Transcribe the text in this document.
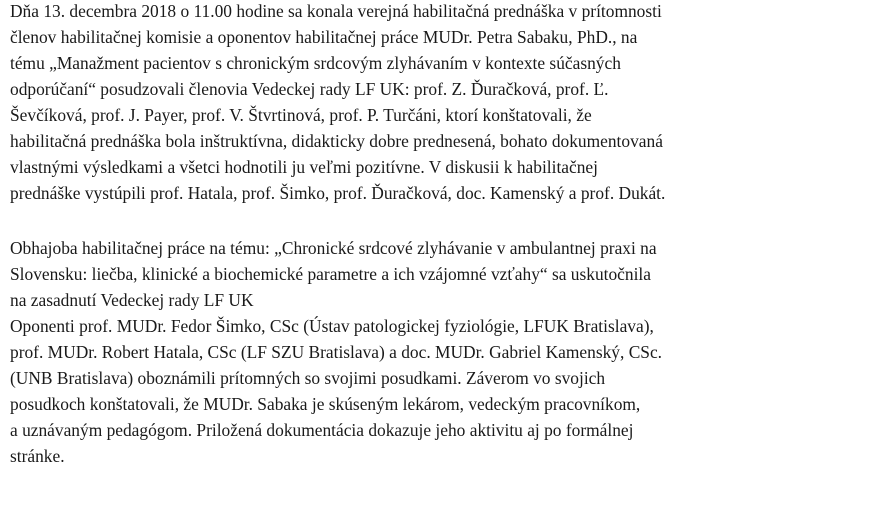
Dňa 13. decembra 2018 o 11.00 hodine sa konala verejná habilitačná prednáška v prítomnosti
členov habilitačnej komisie a oponentov habilitačnej práce MUDr. Petra Sabaku, PhD., na
tému „Manažment pacientov s chronickým srdcovým zlyhávaním v kontexte súčasných
odporúčaní“ posudzovali členovia Vedeckej rady LF UK: prof. Z. Ďuračková, prof. Ľ.
Ševčíková, prof. J. Payer, prof. V. Štvrtinová, prof. P. Turčáni, ktorí konštatovali, že
habilitačná prednáška bola inštruktívna, didakticky dobre prednesená, bohato dokumentovaná
vlastnými výsledkami a všetci hodnotili ju veľmi pozitívne. V diskusii k habilitačnej
prednáške vystúpili prof. Hatala, prof. Šimko, prof. Ďuračková, doc. Kamenský a prof. Dukát.
Obhajoba habilitačnej práce na tému: „Chronické srdcové zlyhávanie v ambulantnej praxi na
Slovensku: liečba, klinické a biochemické parametre a ich vzájomné vzťahy“ sa uskutočnila
na zasadnutí Vedeckej rady LF UK
Oponenti prof. MUDr. Fedor Šimko, CSc (Ústav patologickej fyziológie, LFUK Bratislava),
prof. MUDr. Robert Hatala, CSc (LF SZU Bratislava) a doc. MUDr. Gabriel Kamenský, CSc.
(UNB Bratislava) oboznámili prítomných so svojimi posudkami. Záverom vo svojich
posudkoch konštatovali, že MUDr. Sabaka je skúseným lekárom, vedeckým pracovníkom,
a uznávaným pedagógom. Priložená dokumentácia dokazuje jeho aktivitu aj po formálnej
stránke.
